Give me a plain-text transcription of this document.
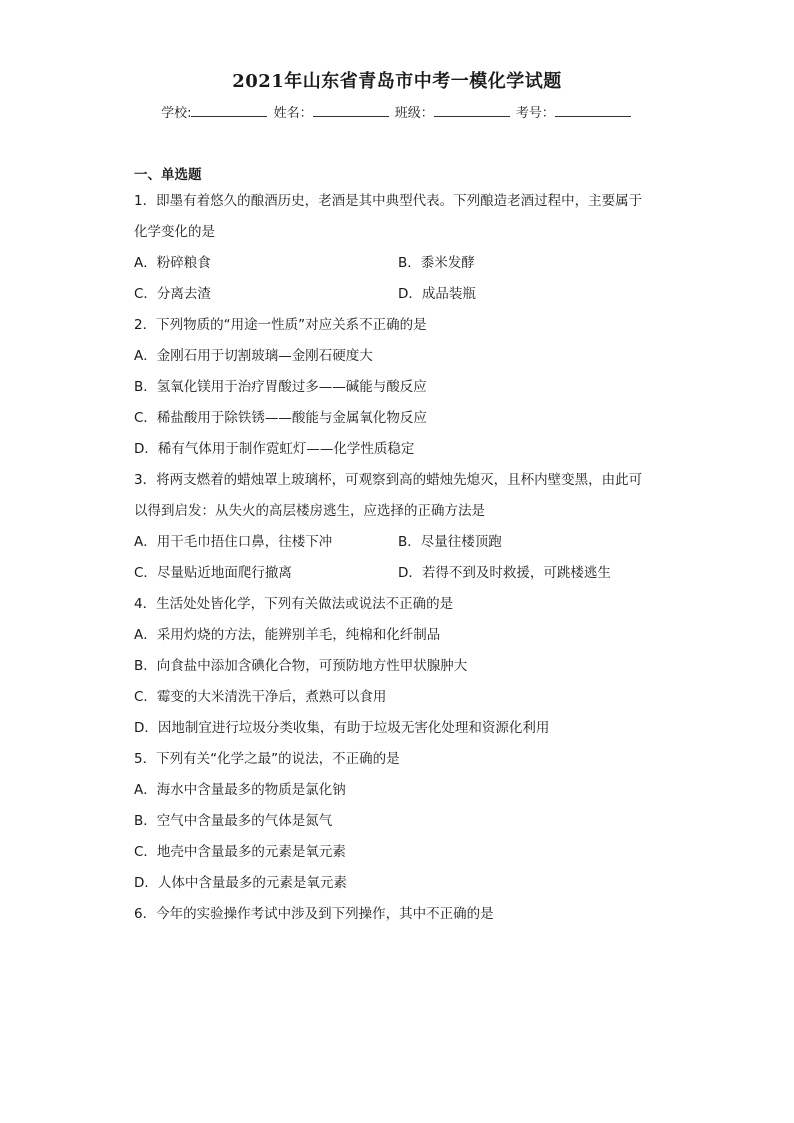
2021年山东省青岛市中考一模化学试题
学校:	姓名：	班级：	考号：
一、单选题
1．即墨有着悠久的酿酒历史，老酒是其中典型代表。下列酿造老酒过程中，主要属于
化学变化的是
A．粉碎粮食	B．黍米发酵
C．分离去渣	D．成品装瓶
2．下列物质的“用途一性质”对应关系不正确的是
A．金刚石用于切割玻璃—金刚石硬度大
B．氢氧化镁用于治疗胃酸过多——碱能与酸反应
C．稀盐酸用于除铁锈——酸能与金属氧化物反应
D．稀有气体用于制作霓虹灯——化学性质稳定
3．将两支燃着的蜡烛罩上玻璃杯，可观察到高的蜡烛先熄灭，且杯内壁变黑，由此可
以得到启发：从失火的高层楼房逃生，应选择的正确方法是
A．用干毛巾捂住口鼻，往楼下冲	B．尽量往楼顶跑
C．尽量贴近地面爬行撤离	D．若得不到及时救援，可跳楼逃生
4．生活处处皆化学，下列有关做法或说法不正确的是
A．采用灼烧的方法，能辨别羊毛，纯棉和化纤制品
B．向食盐中添加含碘化合物，可预防地方性甲状腺肿大
C．霉变的大米清洗干净后，煮熟可以食用
D．因地制宜进行垃圾分类收集，有助于垃圾无害化处理和资源化利用
5．下列有关“化学之最”的说法，不正确的是
A．海水中含量最多的物质是氯化钠
B．空气中含量最多的气体是氮气
C．地壳中含量最多的元素是氧元素
D．人体中含量最多的元素是氧元素
6．今年的实验操作考试中涉及到下列操作，其中不正确的是
